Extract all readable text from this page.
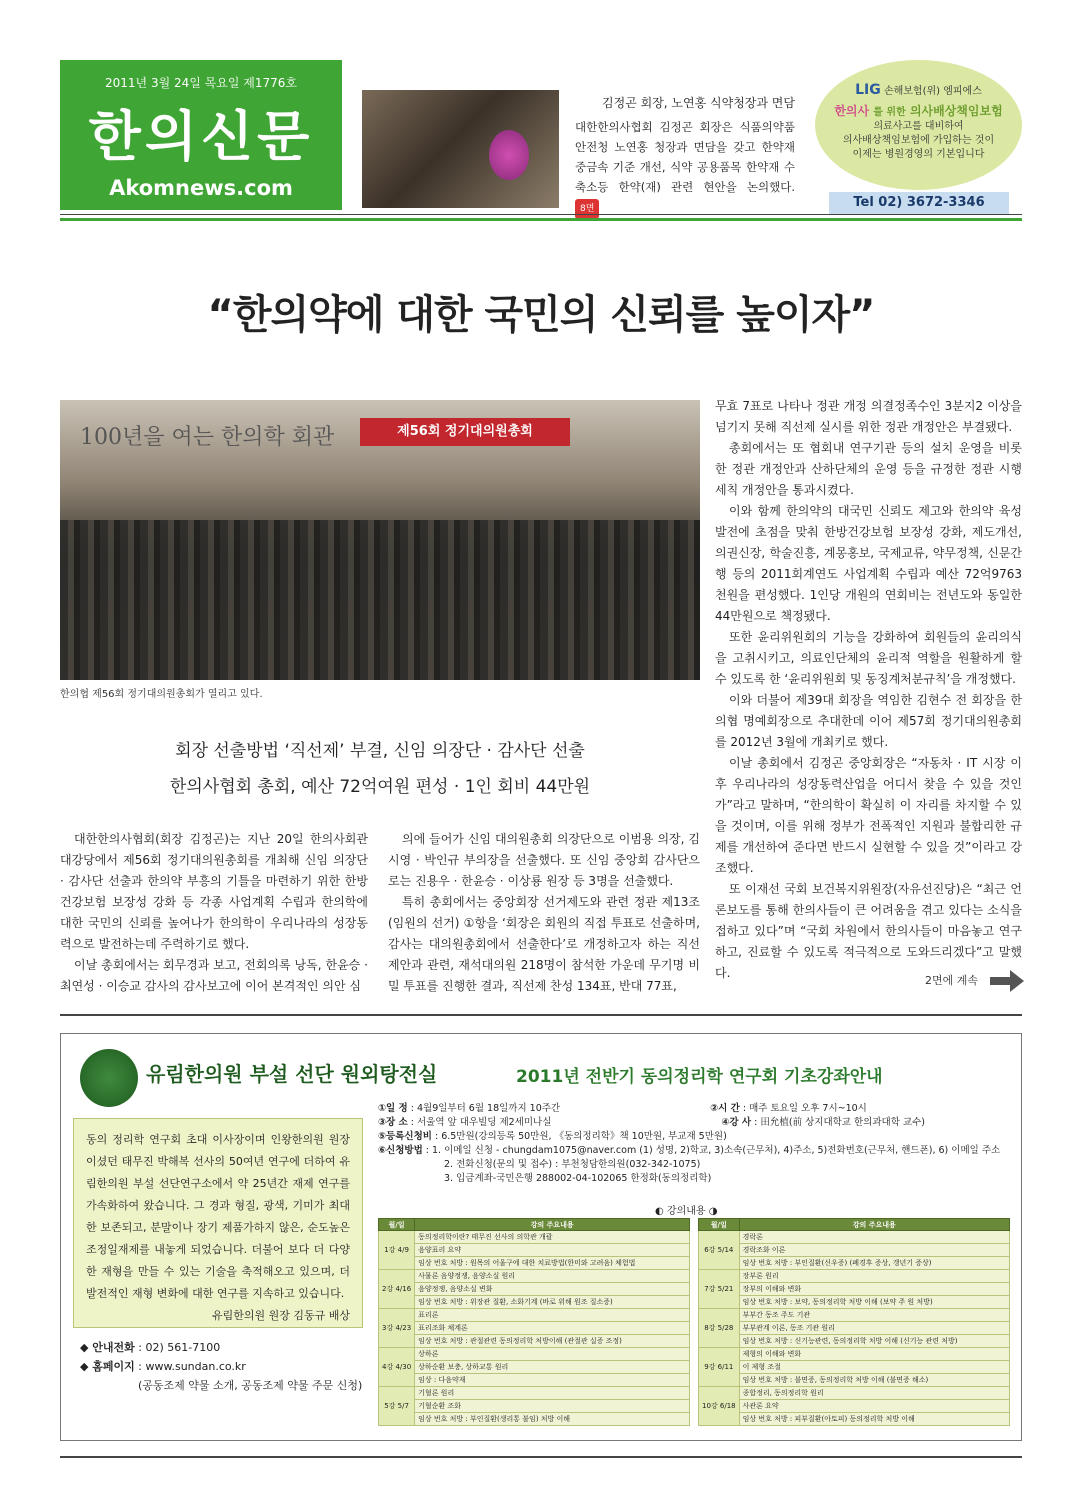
2011년 3월 24일 목요일 제1776호
한의신문
Akomnews.com
김정곤 회장, 노연홍 식약청장과 면담
대한한의사협회 김정곤 회장은 식품의약품안전청 노연홍 청장과 면담을 갖고 한약재 중금속 기준 개선, 식약 공용품목 한약재 수축소등 한약(재) 관련 현안을 논의했다. 8면
LIG 손해보험(위) 엠피에스
한의사 를 위한 의사배상책임보험
의료사고를 대비하여
의사배상책임보험에 가입하는 것이
이제는 병원경영의 기본입니다
Tel 02) 3672-3346
“한의약에 대한 국민의 신뢰를 높이자”
100년을 여는 한의학 회관	제56회 정기대의원총회
한의협 제56회 정기대의원총회가 열리고 있다.
회장 선출방법 ‘직선제’ 부결, 신임 의장단 · 감사단 선출
한의사협회 총회, 예산 72억여원 편성 · 1인 회비 44만원

대한한의사협회(회장 김정곤)는 지난 20일 한의사회관 대강당에서 제56회 정기대의원총회를 개최해 신임 의장단 · 감사단 선출과 한의약 부흥의 기틀을 마련하기 위한 한방건강보험 보장성 강화 등 각종 사업계획 수립과 한의학에 대한 국민의 신뢰를 높여나가 한의학이 우리나라의 성장동력으로 발전하는데 주력하기로 했다.

이날 총회에서는 회무경과 보고, 전회의록 낭독, 한윤승 · 최연성 · 이승교 감사의 감사보고에 이어 본격적인 의안 심

의에 들어가 신임 대의원총회 의장단으로 이범용 의장, 김시영 · 박인규 부의장을 선출했다. 또 신임 중앙회 감사단으로는 진용우 · 한윤승 · 이상룡 원장 등 3명을 선출했다.

특히 총회에서는 중앙회장 선거제도와 관련 정관 제13조(임원의 선거) ①항을 ‘회장은 회원의 직접 투표로 선출하며, 감사는 대의원총회에서 선출한다’로 개정하고자 하는 직선제안과 관련, 재석대의원 218명이 참석한 가운데 무기명 비밀 투표를 진행한 결과, 직선제 찬성 134표, 반대 77표,

무효 7표로 나타나 정관 개정 의결정족수인 3분지2 이상을 넘기지 못해 직선제 실시를 위한 정관 개정안은 부결됐다.

총회에서는 또 협회내 연구기관 등의 설치 운영을 비롯한 정관 개정안과 산하단체의 운영 등을 규정한 정관 시행세칙 개정안을 통과시켰다.

이와 함께 한의약의 대국민 신뢰도 제고와 한의약 육성발전에 초점을 맞춰 한방건강보험 보장성 강화, 제도개선, 의권신장, 학술진흥, 계몽홍보, 국제교류, 약무정책, 신문간행 등의 2011회계연도 사업계획 수립과 예산 72억9763천원을 편성했다. 1인당 개원의 연회비는 전년도와 동일한 44만원으로 책정됐다.

또한 윤리위원회의 기능을 강화하여 회원들의 윤리의식을 고취시키고, 의료인단체의 윤리적 역할을 원활하게 할 수 있도록 한 ‘윤리위원회 및 동징계처분규칙’을 개정했다.

이와 더불어 제39대 회장을 역임한 김현수 전 회장을 한의협 명예회장으로 추대한데 이어 제57회 정기대의원총회를 2012년 3월에 개최키로 했다.

이날 총회에서 김정곤 중앙회장은 “자동차 · IT 시장 이후 우리나라의 성장동력산업을 어디서 찾을 수 있을 것인가”라고 말하며, “한의학이 확실히 이 자리를 차지할 수 있을 것이며, 이를 위해 정부가 전폭적인 지원과 불합리한 규제를 개선하여 준다면 반드시 실현할 수 있을 것”이라고 강조했다.

또 이재선 국회 보건복지위원장(자유선진당)은 “최근 언론보도를 통해 한의사들이 큰 어려움을 겪고 있다는 소식을 접하고 있다”며 “국회 차원에서 한의사들이 마음놓고 연구하고, 진료할 수 있도록 적극적으로 도와드리겠다”고 말했다.

2면에 계속
유림한의원 부설 선단 원외탕전실	2011년 전반기 동의정리학 연구회 기초강좌안내
동의 정리학 연구회 초대 이사장이며 인왕한의원 원장이셨던 태무진 박해복 선사의 50여년 연구에 더하여 유림한의원 부설 선단연구소에서 약 25년간 재제 연구를 가속화하여 왔습니다. 그 경과 형질, 광색, 기미가 최대한 보존되고, 분말이나 장기 제품가하지 않은, 순도높은 조정일재제를 내놓게 되었습니다. 더불어 보다 더 다양한 재형을 만들 수 있는 기술을 축적해오고 있으며, 더 발전적인 재형 변화에 대한 연구를 지속하고 있습니다.
유림한의원 원장 김동규 배상
◆ 안내전화 : 02) 561-7100
◆ 홈페이지 : www.sundan.co.kr
(공동조제 약물 소개, 공동조제 약물 주문 신청)
①일 정 : 4월9일부터 6월 18일까지 10주간	②시 간 : 매주 토요일 오후 7시~10시
③장 소 : 서울역 앞 대우빌딩 제2세미나실	④강 사 : 田允植(前 상지대학교 한의과대학 교수)
⑤등록신청비 : 6.5만원(강의등록 50만원, 《동의정리학》책 10만원, 부교재 5만원)
⑥신청방법 : 1. 이메일 신청 - chungdam1075@naver.com (1) 성명, 2)학교, 3)소속(근무처), 4)주소, 5)전화번호(근무처, 핸드폰), 6) 이메일 주소
2. 전화신청(문의 및 접수) : 부천청담한의원(032-342-1075)
3. 입금계좌-국민은행 288002-04-102065 한정화(동의정리학)
◐ 강의내용 ◑
월/일	강의 주요내용
1강 4/9	동의정리학이란? 태무진 선사의 의학관 개괄
	음양표리 요약
	임상 번호 처방 : 원목의 어울구에 대한 치료방법(한미와 고려음) 체험법
2강 4/16	사물론 음양정쟁, 음양소실 원리
	음양정쟁, 음양소실 변화
	임상 번호 처방 : 위장관 질환, 소화기계 (바로 위해 원조 질소증)
3강 4/23	표리론
	표리조화 체계론
	임상 번호 처방 : 관절관련 동의정리학 처방이해 (관절관 실증 조정)
4강 4/30	상하론
	상하순환 보충, 상하교통 원리
	임상 : 다음약재
5강 5/7	기혈론 원리
	기혈순환 조화
	임상 번호 처방 : 부인질환(생리통 불임) 처방 이해
월/일	강의 주요내용
6강 5/14	경락론
	경락조화 이론
	임상 번호 처방 : 부인질환(신우증) (폐경후 증상, 갱년기 증상)
7강 5/21	장부론 원리
	장부의 이해와 변화
	임상 번호 처방 : 보약, 동의정리학 처방 이해 (보약 주 원 처방)
8강 5/28	부부간 동조 주도 기관
	부부관계 이론, 동조 기관 원리
	임상 번호 처방 : 신기능관련, 동의정리학 처방 이해 (신기능 관련 처방)
9강 6/11	제형의 이해와 변화
	이 제형 조절
	임상 번호 처방 : 불면증, 동의정리학 처방 이해 (불면증 해소)
10강 6/18	종합정리, 동의정리학 원리
	사관론 요약
	임상 번호 처방 : 피부질환(아토피) 동의정리학 처방 이해
